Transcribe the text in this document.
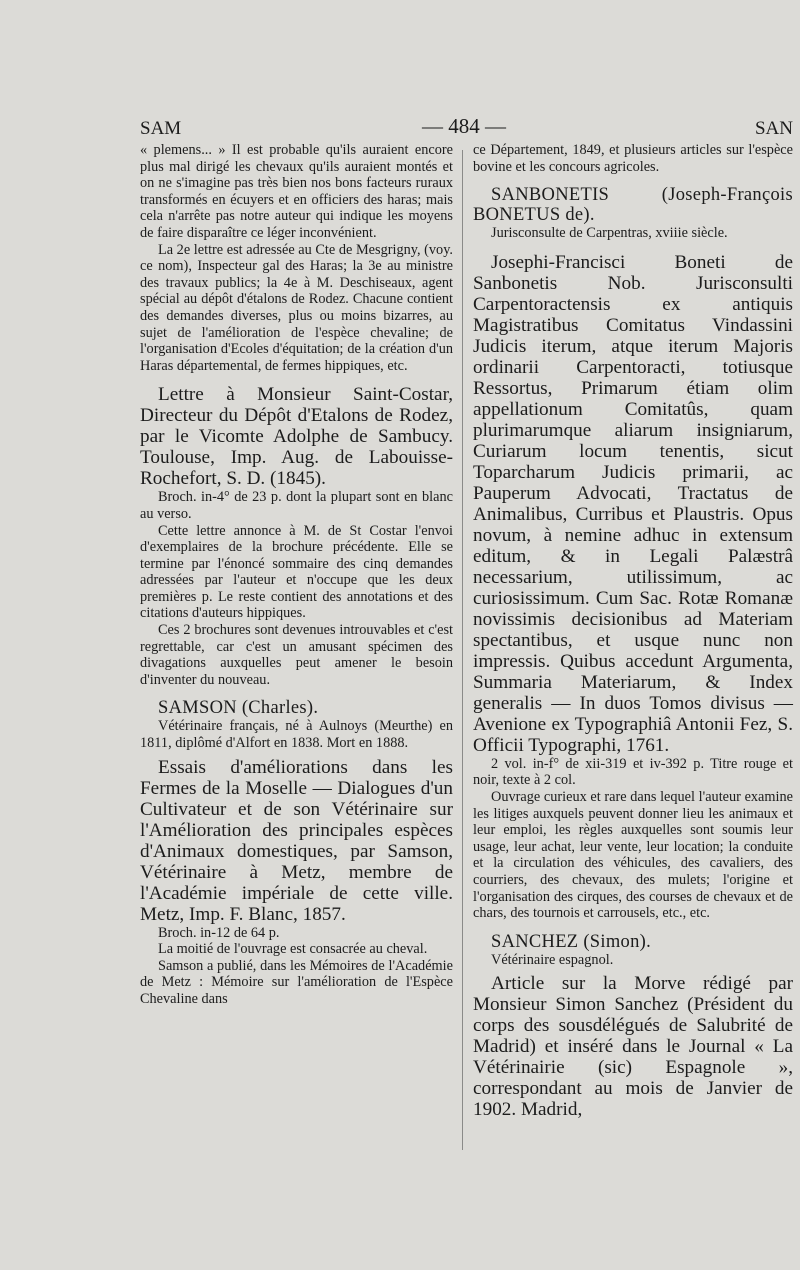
SAM	— 484 —	SAN

« plemens... » Il est probable qu'ils auraient encore plus mal dirigé les chevaux qu'ils auraient montés et on ne s'imagine pas très bien nos bons facteurs ruraux transformés en écuyers et en officiers des haras; mais cela n'arrête pas notre auteur qui indique les moyens de faire disparaître ce léger inconvénient.

La 2e lettre est adressée au Cte de Mesgrigny, (voy. ce nom), Inspecteur gal des Haras; la 3e au ministre des travaux publics; la 4e à M. Deschiseaux, agent spécial au dépôt d'étalons de Rodez. Chacune contient des demandes diverses, plus ou moins bizarres, au sujet de l'amélioration de l'espèce chevaline; de l'organisation d'Ecoles d'équitation; de la création d'un Haras départemental, de fermes hippiques, etc.

Lettre à Monsieur Saint-Costar, Directeur du Dépôt d'Etalons de Rodez, par le Vicomte Adolphe de Sambucy. Toulouse, Imp. Aug. de Labouisse-Rochefort, S. D. (1845).

Broch. in-4° de 23 p. dont la plupart sont en blanc au verso.

Cette lettre annonce à M. de St Costar l'envoi d'exemplaires de la brochure précédente. Elle se termine par l'énoncé sommaire des cinq demandes adressées par l'auteur et n'occupe que les deux premières p. Le reste contient des annotations et des citations d'auteurs hippiques.

Ces 2 brochures sont devenues introuvables et c'est regrettable, car c'est un amusant spécimen des divagations auxquelles peut amener le besoin d'inventer du nouveau.

SAMSON (Charles).

Vétérinaire français, né à Aulnoys (Meurthe) en 1811, diplômé d'Alfort en 1838. Mort en 1888.

Essais d'améliorations dans les Fermes de la Moselle — Dialogues d'un Cultivateur et de son Vétérinaire sur l'Amélioration des principales espèces d'Animaux domestiques, par Samson, Vétérinaire à Metz, membre de l'Académie impériale de cette ville. Metz, Imp. F. Blanc, 1857.

Broch. in-12 de 64 p.

La moitié de l'ouvrage est consacrée au cheval.

Samson a publié, dans les Mémoires de l'Académie de Metz : Mémoire sur l'amélioration de l'Espèce Chevaline dans

ce Département, 1849, et plusieurs articles sur l'espèce bovine et les concours agricoles.

SANBONETIS (Joseph-François BONETUS de).

Jurisconsulte de Carpentras, xviiie siècle.

Josephi-Francisci Boneti de Sanbonetis Nob. Jurisconsulti Carpentoractensis ex antiquis Magistratibus Comitatus Vindassini Judicis iterum, atque iterum Majoris ordinarii Carpentoracti, totiusque Ressortus, Primarum étiam olim appellationum Comitatûs, quam plurimarumque aliarum insigniarum, Curiarum locum tenentis, sicut Toparcharum Judicis primarii, ac Pauperum Advocati, Tractatus de Animalibus, Curribus et Plaustris. Opus novum, à nemine adhuc in extensum editum, & in Legali Palæstrâ necessarium, utilissimum, ac curiosissimum. Cum Sac. Rotæ Romanæ novissimis decisionibus ad Materiam spectantibus, et usque nunc non impressis. Quibus accedunt Argumenta, Summaria Materiarum, & Index generalis — In duos Tomos divisus — Avenione ex Typographiâ Antonii Fez, S. Officii Typographi, 1761.

2 vol. in-f° de xii-319 et iv-392 p. Titre rouge et noir, texte à 2 col.

Ouvrage curieux et rare dans lequel l'auteur examine les litiges auxquels peuvent donner lieu les animaux et leur emploi, les règles auxquelles sont soumis leur usage, leur achat, leur vente, leur location; la conduite et la circulation des véhicules, des cavaliers, des courriers, des chevaux, des mulets; l'origine et l'organisation des cirques, des courses de chevaux et de chars, des tournois et carrousels, etc., etc.

SANCHEZ (Simon).

Vétérinaire espagnol.

Article sur la Morve rédigé par Monsieur Simon Sanchez (Président du corps des sousdélégués de Salubrité de Madrid) et inséré dans le Journal « La Vétérinairie (sic) Espagnole », correspondant au mois de Janvier de 1902. Madrid,
